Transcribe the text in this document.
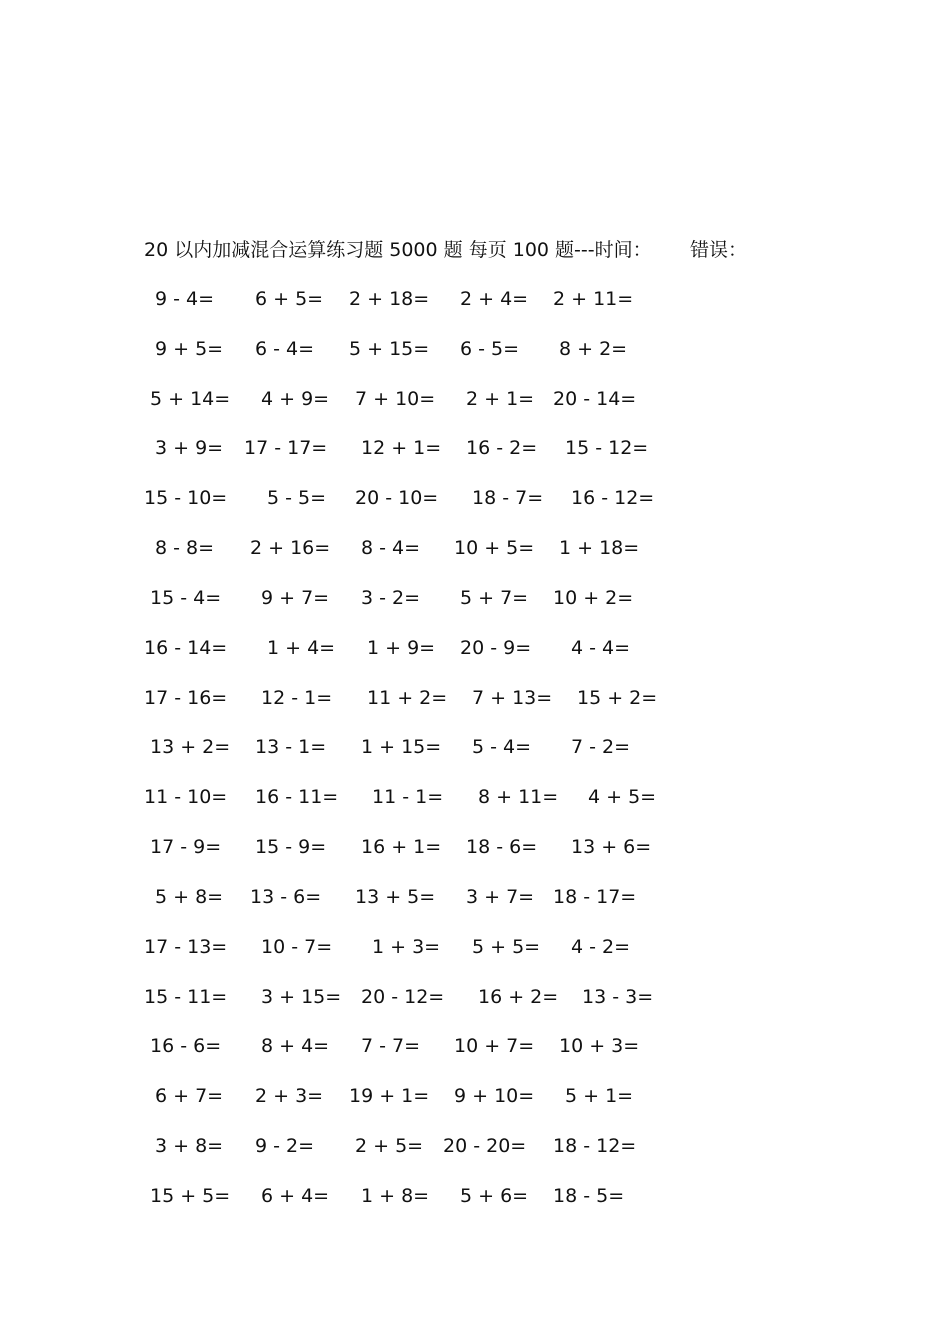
20 以内加减混合运算练习题 5000 题 每页 100 题---时间： 错误：
9 - 4= 6 + 5= 2 + 18= 2 + 4= 2 + 11=
9 + 5= 6 - 4= 5 + 15= 6 - 5= 8 + 2=
5 + 14= 4 + 9= 7 + 10= 2 + 1= 20 - 14=
3 + 9= 17 - 17= 12 + 1= 16 - 2= 15 - 12=
15 - 10= 5 - 5= 20 - 10= 18 - 7= 16 - 12=
8 - 8= 2 + 16= 8 - 4= 10 + 5= 1 + 18=
15 - 4= 9 + 7= 3 - 2= 5 + 7= 10 + 2=
16 - 14= 1 + 4= 1 + 9= 20 - 9= 4 - 4=
17 - 16= 12 - 1= 11 + 2= 7 + 13= 15 + 2=
13 + 2= 13 - 1= 1 + 15= 5 - 4= 7 - 2=
11 - 10= 16 - 11= 11 - 1= 8 + 11= 4 + 5=
17 - 9= 15 - 9= 16 + 1= 18 - 6= 13 + 6=
5 + 8= 13 - 6= 13 + 5= 3 + 7= 18 - 17=
17 - 13= 10 - 7= 1 + 3= 5 + 5= 4 - 2=
15 - 11= 3 + 15= 20 - 12= 16 + 2= 13 - 3=
16 - 6= 8 + 4= 7 - 7= 10 + 7= 10 + 3=
6 + 7= 2 + 3= 19 + 1= 9 + 10= 5 + 1=
3 + 8= 9 - 2= 2 + 5= 20 - 20= 18 - 12=
15 + 5= 6 + 4= 1 + 8= 5 + 6= 18 - 5=
